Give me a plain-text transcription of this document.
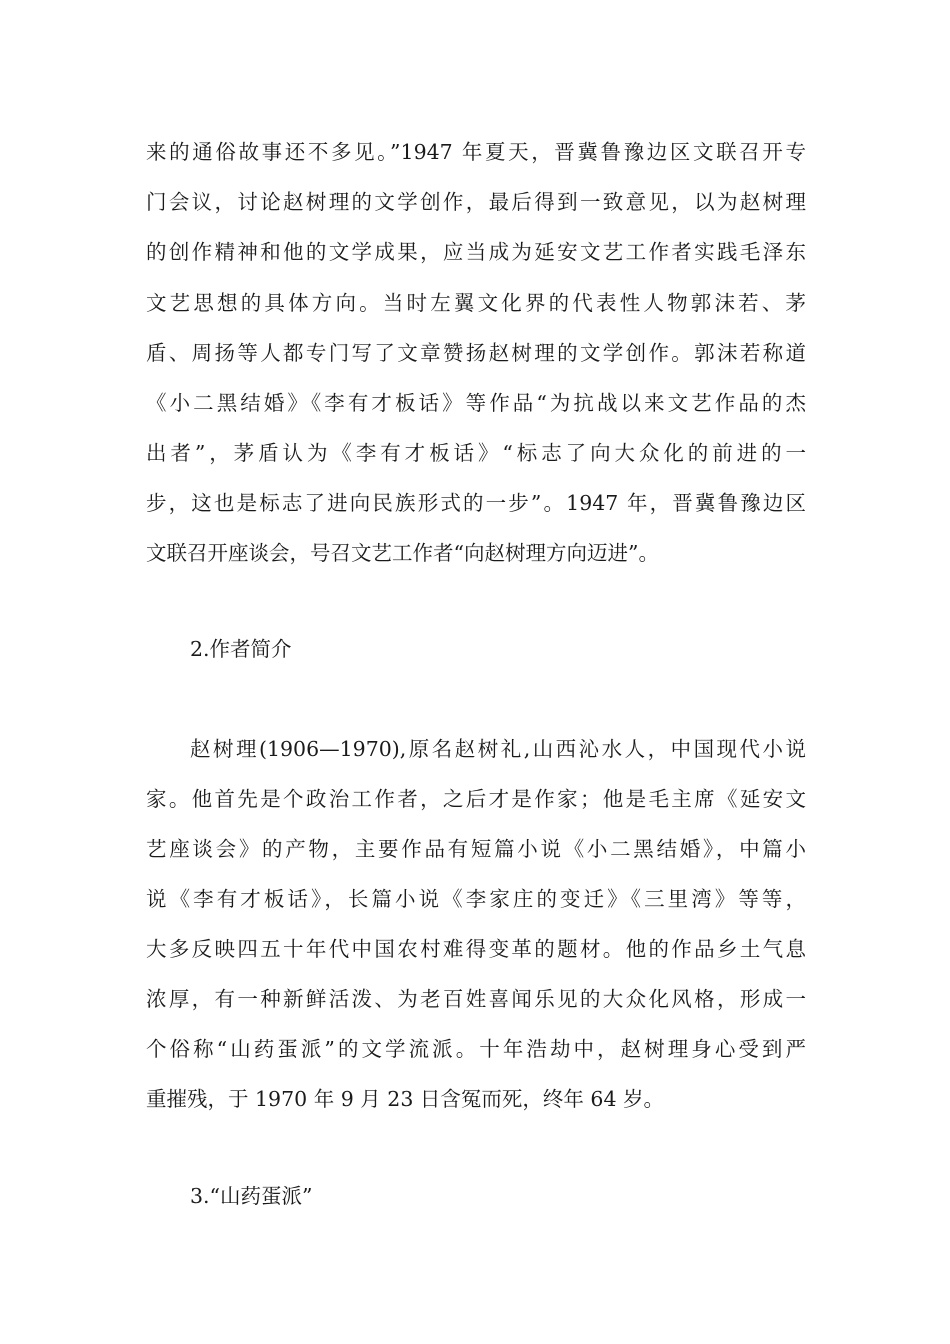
来的通俗故事还不多见。”1947 年夏天，晋冀鲁豫边区文联召开专
门会议，讨论赵树理的文学创作，最后得到一致意见，以为赵树理
的创作精神和他的文学成果，应当成为延安文艺工作者实践毛泽东
文艺思想的具体方向。当时左翼文化界的代表性人物郭沫若、茅
盾、周扬等人都专门写了文章赞扬赵树理的文学创作。郭沫若称道
《小二黑结婚》《李有才板话》等作品“为抗战以来文艺作品的杰
出者”，茅盾认为《李有才板话》“标志了向大众化的前进的一
步，这也是标志了进向民族形式的一步”。1947 年，晋冀鲁豫边区
文联召开座谈会，号召文艺工作者“向赵树理方向迈进”。
2.作者简介
赵树理(1906—1970),原名赵树礼,山西沁水人，中国现代小说
家。他首先是个政治工作者，之后才是作家；他是毛主席《延安文
艺座谈会》的产物，主要作品有短篇小说《小二黑结婚》，中篇小
说《李有才板话》，长篇小说《李家庄的变迁》《三里湾》等等，
大多反映四五十年代中国农村难得变革的题材。他的作品乡土气息
浓厚，有一种新鲜活泼、为老百姓喜闻乐见的大众化风格，形成一
个俗称“山药蛋派”的文学流派。十年浩劫中，赵树理身心受到严
重摧残，于 1970 年 9 月 23 日含冤而死，终年 64 岁。
3.“山药蛋派”
